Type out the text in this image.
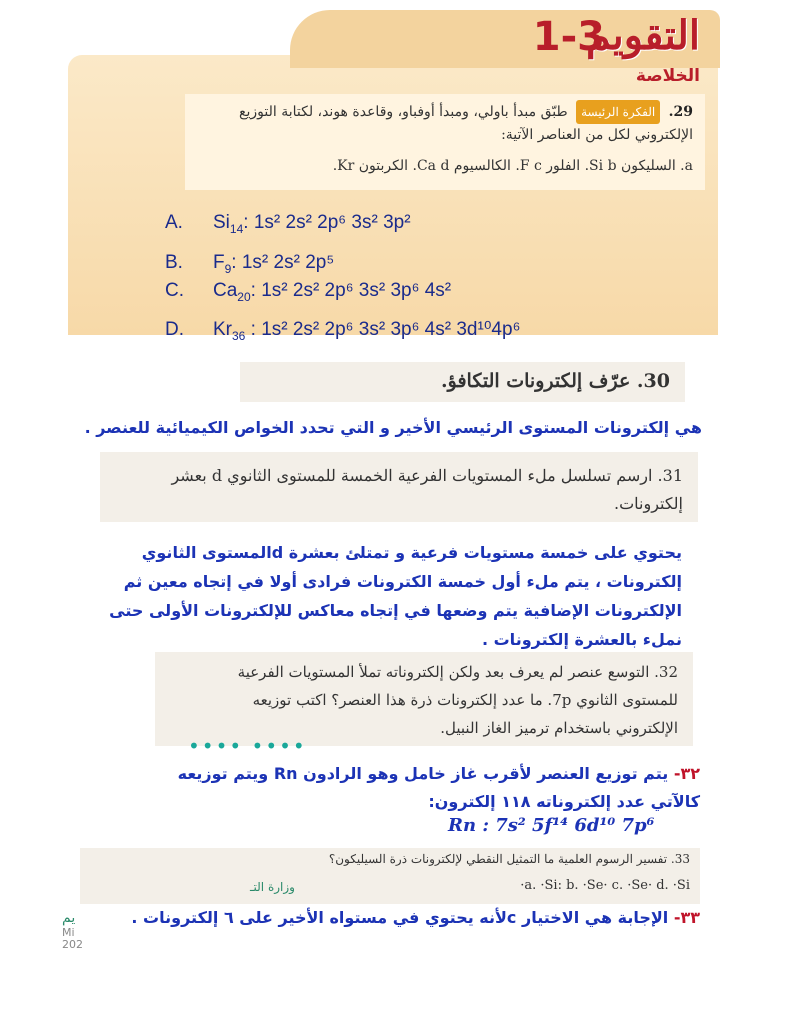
التقويم
1-3
الخلاصة
29. الفكرة الرئيسة طبّق مبدأ باولي، ومبدأ أوفباو، وقاعدة هوند، لكتابة التوزيع
الإلكتروني لكل من العناصر الآتية:
a. السليكون Si b. الفلور F c. الكالسيوم Ca d. الكربتون Kr.
A. $Si_{14}$: 1s² 2s² 2p⁶ 3s² 3p²
B. $F_9$: 1s² 2s² 2p⁵
C. $Ca_{20}$: 1s² 2s² 2p⁶ 3s² 3p⁶ 4s²
D. $Kr_{36}$ : 1s² 2s² 2p⁶ 3s² 3p⁶ 4s² 3d¹⁰4p⁶
30. عرّف إلكترونات التكافؤ.
هي إلكترونات المستوى الرئيسي الأخير و التي تحدد الخواص الكيميائية للعنصر .
31. ارسم تسلسل ملء المستويات الفرعية الخمسة للمستوى الثانوي d بعشر
إلكترونات.
يحتوي على خمسة مستويات فرعية و تمتلئ بعشرة dالمستوى الثانوي
إلكترونات ، يتم ملء أول خمسة الكترونات فرادى أولا في إتجاه معين ثم
الإلكترونات الإضافية يتم وضعها في إتجاه معاكس للإلكترونات الأولى حتى
نملء بالعشرة إلكترونات .
32. التوسع عنصر لم يعرف بعد ولكن إلكتروناته تملأ المستويات الفرعية
للمستوى الثانوي 7p. ما عدد إلكترونات ذرة هذا العنصر؟ اكتب توزيعه
الإلكتروني باستخدام ترميز الغاز النبيل.
•••• ••••
٣٢- يتم توزيع العنصر لأقرب غاز خامل وهو الرادون Rn ويتم توزيعه
كالآتي عدد إلكتروناته ١١٨ إلكترون:
Rn : 7s² 5f¹⁴ 6d¹⁰ 7p⁶
33. تفسير الرسوم العلمية ما التمثيل النقطي لإلكترونات ذرة السيليكون؟
a. ·Si: b. ·Se· c. ·Se· d. ·Si·
وزارة التـ
٣٣- الإجابة هي الاختيار cلأنه يحتوي في مستواه الأخير على ٦ إلكترونات .
يم
Mi
202
